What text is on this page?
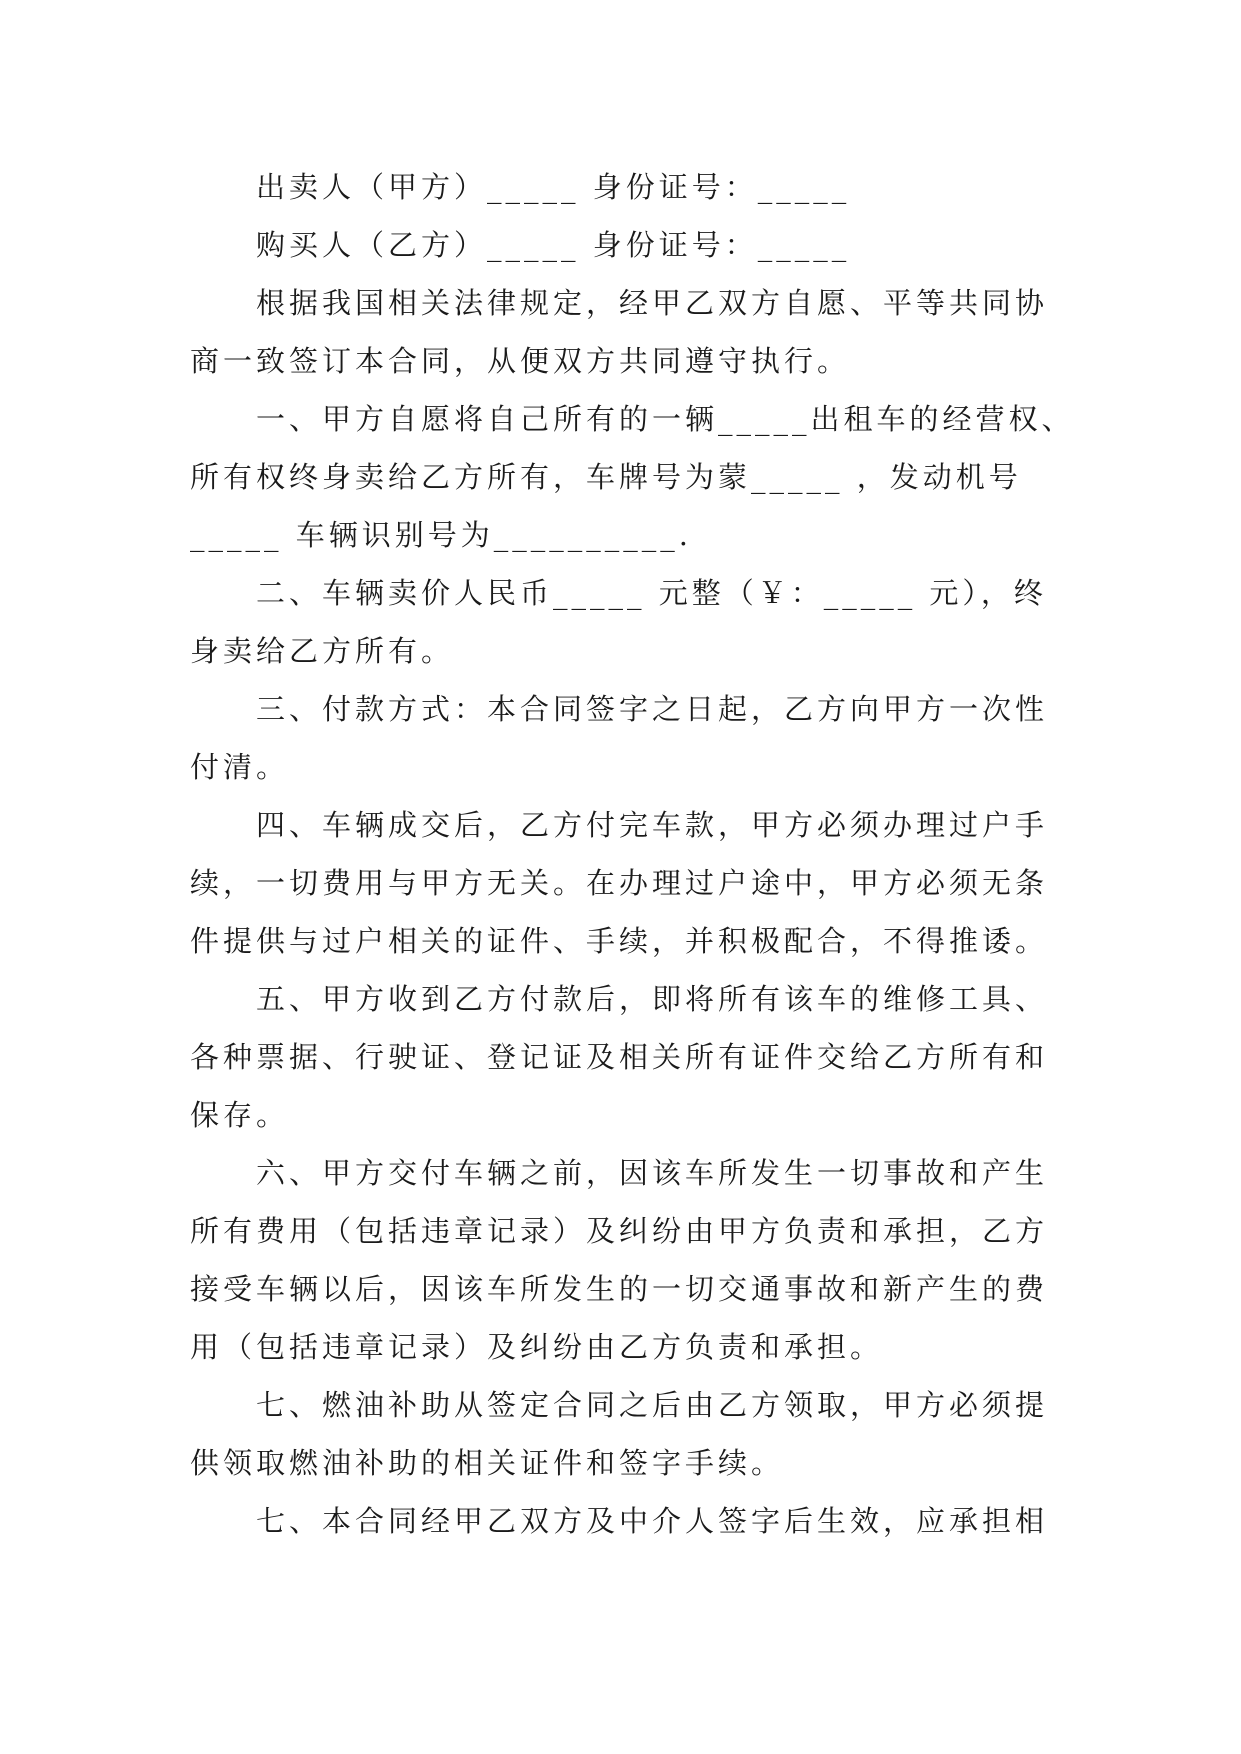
出卖人（甲方）_____ 身份证号：_____
购买人（乙方）_____ 身份证号：_____
根据我国相关法律规定，经甲乙双方自愿、平等共同协
商一致签订本合同，从便双方共同遵守执行。
一、甲方自愿将自己所有的一辆_____出租车的经营权、
所有权终身卖给乙方所有，车牌号为蒙_____ ，发动机号
_____ 车辆识别号为__________.
二、车辆卖价人民币_____ 元整（￥：_____ 元），终
身卖给乙方所有。
三、付款方式：本合同签字之日起，乙方向甲方一次性
付清。
四、车辆成交后，乙方付完车款，甲方必须办理过户手
续，一切费用与甲方无关。在办理过户途中，甲方必须无条
件提供与过户相关的证件、手续，并积极配合，不得推诿。
五、甲方收到乙方付款后，即将所有该车的维修工具、
各种票据、行驶证、登记证及相关所有证件交给乙方所有和
保存。
六、甲方交付车辆之前，因该车所发生一切事故和产生
所有费用（包括违章记录）及纠纷由甲方负责和承担，乙方
接受车辆以后，因该车所发生的一切交通事故和新产生的费
用（包括违章记录）及纠纷由乙方负责和承担。
七、燃油补助从签定合同之后由乙方领取，甲方必须提
供领取燃油补助的相关证件和签字手续。
七、本合同经甲乙双方及中介人签字后生效，应承担相
